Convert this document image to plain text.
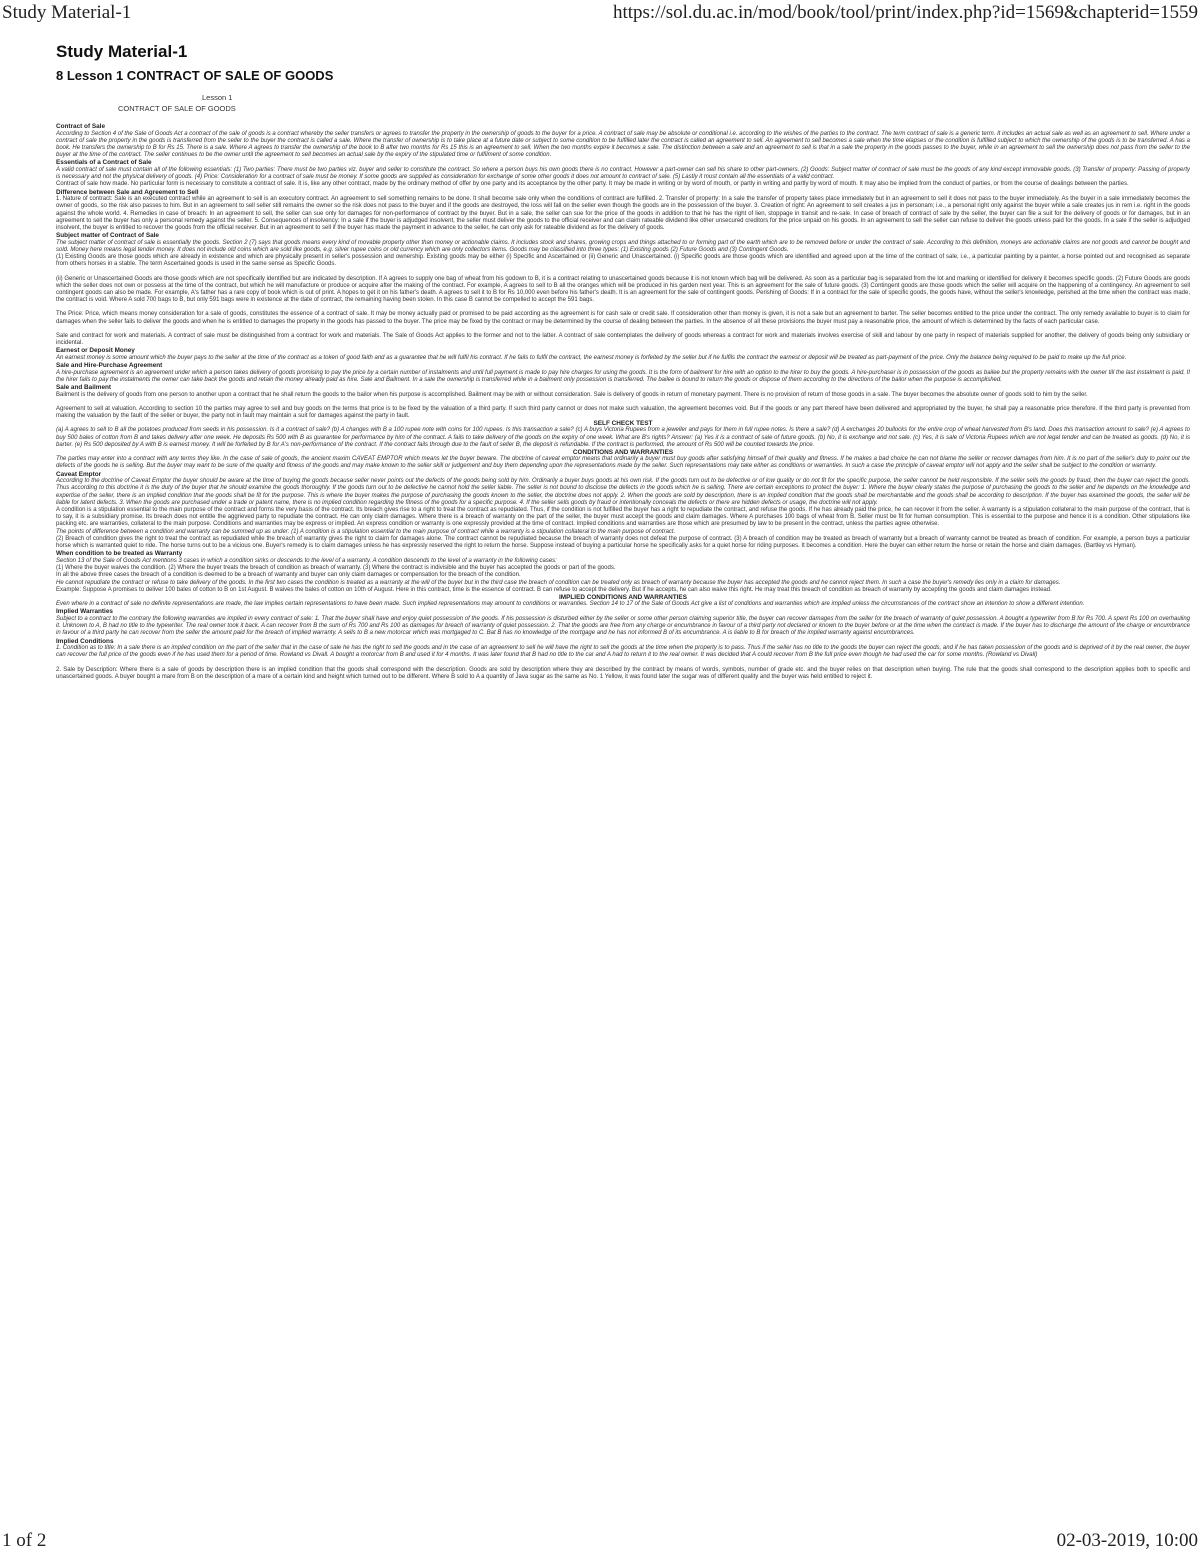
Study Material-1	https://sol.du.ac.in/mod/book/tool/print/index.php?id=1569&chapterid=1559
Study Material-1
8 Lesson 1 CONTRACT OF SALE OF GOODS
Lesson 1
CONTRACT OF SALE OF GOODS
Contract of Sale
According to Section 4 of the Sale of Goods Act a contract of the sale of goods is a contract whereby the seller transfers or agrees to transfer the property in the ownership of goods to the buyer for a price. A contract of sale may be absolute or conditional i.e. according to the wishes of the parties to the contract. The term contract of sale is a generic term. It includes an actual sale as well as an agreement to sell. Where under a contract of sale the property in the goods is transferred from the seller to the buyer the contract is called a sale. Where the transfer of ownership is to take place at a future date or subject to some condition to be fulfilled later the contract is called an agreement to sell. An agreement to sell becomes a sale when the time elapses or the condition is fulfilled subject to which the ownership of the goods is to be transferred. A has a book. He transfers the ownership to B for Rs 15. There is a sale. Where A agrees to transfer the ownership of the book to B after two months for Rs 15 this is an agreement to sell. When the two months expire it becomes a sale. The distinction between a sale and an agreement to sell is that in a sale the property in the goods passes to the buyer, while in an agreement to sell the ownership does not pass from the seller to the buyer at the time of the contract. The seller continues to be the owner until the agreement to sell becomes an actual sale by the expiry of the stipulated time or fulfilment of some condition.
Essentials of a Contract of Sale
A valid contract of sale must contain all of the following essentials: (1) Two parties: There must be two parties viz. buyer and seller to constitute the contract. So where a person buys his own goods there is no contract. However a part-owner can sell his share to other part-owners. (2) Goods: Subject matter of contract of sale must be the goods of any kind except immovable goods. (3) Transfer of property: Passing of property is necessary and not the physical delivery of goods. (4) Price: Consideration for a contract of sale must be money. If some goods are supplied as consideration for exchange of some other goods it does not amount to contract of sale. (5) Lastly it must contain all the essentials of a valid contract.
Contract of sale how made. No particular form is necessary to constitute a contract of sale. It is, like any other contract, made by the ordinary method of offer by one party and its acceptance by the other party. It may be made in writing or by word of mouth, or partly in writing and partly by word of mouth. It may also be implied from the conduct of parties, or from the course of dealings between the parties.
Difference between Sale and Agreement to Sell
1. Nature of contract: Sale is an executed contract while an agreement to sell is an executory contract. An agreement to sell something remains to be done. It shall become sale only when the conditions of contract are fulfilled. 2. Transfer of property: In a sale the transfer of property takes place immediately but in an agreement to sell it does not pass to the buyer immediately. As the buyer in a sale immediately becomes the owner of goods, so the risk also passes to him. But in an agreement to sell seller still remains the owner so the risk does not pass to the buyer and if the goods are destroyed, the loss will fall on the seller even though the goods are in the possession of the buyer. 3. Creation of right: An agreement to sell creates a jus in personam; i.e., a personal right only against the buyer while a sale creates jus in rem i.e. right in the goods against the whole world. 4. Remedies in case of breach: In an agreement to sell, the seller can sue only for damages for non-performance of contract by the buyer. But in a sale, the seller can sue for the price of the goods in addition to that he has the right of lien, stoppage in transit and re-sale. In case of breach of contract of sale by the seller, the buyer can file a suit for the delivery of goods or for damages, but in an agreement to sell the buyer has only a personal remedy against the seller. 5. Consequences of insolvency: In a sale if the buyer is adjudged insolvent, the seller must deliver the goods to the official receiver and can claim rateable dividend like other unsecured creditors for the price unpaid on his goods. In an agreement to sell the seller can refuse to deliver the goods unless paid for the goods. In a sale if the seller is adjudged insolvent, the buyer is entitled to recover the goods from the official receiver. But in an agreement to sell if the buyer has made the payment in advance to the seller, he can only ask for rateable dividend as for the delivery of goods.
Subject matter of Contract of Sale
The subject matter of contract of sale is essentially the goods. Section 2 (7) says that goods means every kind of movable property other than money or actionable claims. It includes stock and shares, growing crops and things attached to or forming part of the earth which are to be removed before or under the contract of sale. According to this definition, moneys are actionable claims are not goods and cannot be bought and sold. Money here means legal tender money. It does not include old coins which are sold like goods, e.g. silver rupee coins or old currency which are only collectors items. Goods may be classified into three types: (1) Existing goods (2) Future Goods and (3) Contingent Goods.
(1) Existing Goods are those goods which are already in existence and which are physically present in seller's possession and ownership. Existing goods may be either (i) Specific and Ascertained or (ii) Generic and Unascertained. (i) Specific goods are those goods which are identified and agreed upon at the time of the contract of sale, i.e., a particular painting by a painter, a horse pointed out and recognised as separate from others horses in a stable. The term Ascertained goods is used in the same sense as Specific Goods.
(ii) Generic or Unascertained Goods are those goods which are not specifically identified but are indicated by description. If A agrees to supply one bag of wheat from his godown to B, it is a contract relating to unascertained goods because it is not known which bag will be delivered. As soon as a particular bag is separated from the lot and marking or identified for delivery it becomes specific goods. (2) Future Goods are goods which the seller does not own or possess at the time of the contract, but which he will manufacture or produce or acquire after the making of the contract. For example, A agrees to sell to B all the oranges which will be produced in his garden next year. This is an agreement for the sale of future goods. (3) Contingent goods are those goods which the seller will acquire on the happening of a contingency. An agreement to sell contingent goods can also be made. For example, A's father has a rare copy of book which is out of print. A hopes to get it on his father's death. A agrees to sell it to B for Rs 10,000 even before his father's death. It is an agreement for the sale of contingent goods. Perishing of Goods: If in a contract for the sale of specific goods, the goods have, without the seller's knowledge, perished at the time when the contract was made, the contract is void. Where A sold 700 bags to B, but only 591 bags were in existence at the date of contract, the remaining having been stolen. In this case B cannot be compelled to accept the 591 bags.
The Price: Price, which means money consideration for a sale of goods, constitutes the essence of a contract of sale. It may be money actually paid or promised to be paid according as the agreement is for cash sale or credit sale. If consideration other than money is given, it is not a sale but an agreement to barter. The seller becomes entitled to the price under the contract. The only remedy available to buyer is to claim for damages when the seller fails to deliver the goods and when he is entitled to damages the property in the goods has passed to the buyer. The price may be fixed by the contract or may be determined by the course of dealing between the parties. In the absence of all these provisions the buyer must pay a reasonable price, the amount of which is determined by the facts of each particular case.
Sale and contract for work and materials. A contract of sale must be distinguished from a contract for work and materials. The Sale of Goods Act applies to the former and not to the latter. A contract of sale contemplates the delivery of goods whereas a contract for work and materials involves exercise of skill and labour by one party in respect of materials supplied for another, the delivery of goods being only subsidiary or incidental.
Earnest or Deposit Money
An earnest money is some amount which the buyer pays to the seller at the time of the contract as a token of good faith and as a guarantee that he will fulfil his contract. If he fails to fulfil the contract, the earnest money is forfeited by the seller but if he fulfils the contract the earnest or deposit will be treated as part-payment of the price. Only the balance being required to be paid to make up the full price.
Sale and Hire-Purchase Agreement
A hire-purchase agreement is an agreement under which a person takes delivery of goods promising to pay the price by a certain number of instalments and until full payment is made to pay hire charges for using the goods. It is the form of bailment for hire with an option to the hirer to buy the goods. A hire-purchaser is in possession of the goods as bailee but the property remains with the owner till the last instalment is paid. If the hirer fails to pay the instalments the owner can take back the goods and retain the money already paid as hire. Sale and Bailment. In a sale the ownership is transferred while in a bailment only possession is transferred. The bailee is bound to return the goods or dispose of them according to the directions of the bailor when the purpose is accomplished.
Sale and Bailment
Bailment is the delivery of goods from one person to another upon a contract that he shall return the goods to the bailor when his purpose is accomplished. Bailment may be with or without consideration. Sale is delivery of goods in return of monetary payment. There is no provision of return of those goods in a sale. The buyer becomes the absolute owner of goods sold to him by the seller.
Agreement to sell at valuation. According to section 10 the parties may agree to sell and buy goods on the terms that price is to be fixed by the valuation of a third party. If such third party cannot or does not make such valuation, the agreement becomes void. But if the goods or any part thereof have been delivered and appropriated by the buyer, he shall pay a reasonable price therefore. If the third party is prevented from making the valuation by the fault of the seller or buyer, the party not in fault may maintain a suit for damages against the party in fault.
SELF CHECK TEST
(a) A agrees to sell to B all the potatoes produced from seeds in his possession. Is it a contract of sale? (b) A changes with B a 100 rupee note with coins for 100 rupees. Is this transaction a sale? (c) A buys Victoria Rupees from a jeweller and pays for them in full rupee notes. Is there a sale? (d) A exchanges 20 bullocks for the entire crop of wheat harvested from B's land. Does this transaction amount to sale? (e) A agrees to buy 500 bales of cotton from B and takes delivery after one week. He deposits Rs 500 with B as guarantee for performance by him of the contract. A fails to take delivery of the goods on the expiry of one week. What are B's rights? Answer: (a) Yes it is a contract of sale of future goods. (b) No, it is exchange and not sale. (c) Yes, it is sale of Victoria Rupees which are not legal tender and can be treated as goods. (d) No, it is barter. (e) Rs 500 deposited by A with B is earnest money. It will be forfeited by B for A's non-performance of the contract. If the contract fails through due to the fault of seller B, the deposit is refundable. If the contract is performed, the amount of Rs 500 will be counted towards the price.
CONDITIONS AND WARRANTIES
The parties may enter into a contract with any terms they like. In the case of sale of goods, the ancient maxim CAVEAT EMPTOR which means let the buyer beware. The doctrine of caveat emptor means that ordinarily a buyer must buy goods after satisfying himself of their quality and fitness. If he makes a bad choice he can not blame the seller or recover damages from him. It is no part of the seller's duty to point out the defects of the goods he is selling. But the buyer may want to be sure of the quality and fitness of the goods and may make known to the seller skill or judgement and buy them depending upon the representations made by the seller. Such representations may take either as conditions or warranties. In such a case the principle of caveat emptor will not apply and the seller shall be subject to the condition or warranty.
Caveat Emptor
According to the doctrine of Caveat Emptor the buyer should be aware at the time of buying the goods because seller never points out the defects of the goods being sold by him. Ordinarily a buyer buys goods at his own risk. If the goods turn out to be defective or of low quality or do not fit for the specific purpose, the seller cannot be held responsible. If the seller sells the goods by fraud, then the buyer can reject the goods. Thus according to this doctrine it is the duty of the buyer that he should examine the goods thoroughly. If the goods turn out to be defective he cannot hold the seller liable. The seller is not bound to disclose the defects in the goods which he is selling. There are certain exceptions to protect the buyer: 1. Where the buyer clearly states the purpose of purchasing the goods to the seller and he depends on the knowledge and expertise of the seller, there is an implied condition that the goods shall be fit for the purpose. This is where the buyer makes the purpose of purchasing the goods known to the seller, the doctrine does not apply. 2. When the goods are sold by description, there is an implied condition that the goods shall be merchantable and the goods shall be according to description. If the buyer has examined the goods, the seller will be liable for latent defects. 3. When the goods are purchased under a trade or patent name, there is no implied condition regarding the fitness of the goods for a specific purpose. 4. If the seller sells goods by fraud or intentionally conceals the defects or there are hidden defects or usage, the doctrine will not apply.
A condition is a stipulation essential to the main purpose of the contract and forms the very basis of the contract. Its breach gives rise to a right to treat the contract as repudiated. Thus, if the condition is not fulfilled the buyer has a right to repudiate the contract, and refuse the goods. If he has already paid the price, he can recover it from the seller. A warranty is a stipulation collateral to the main purpose of the contract, that is to say, it is a subsidiary promise. Its breach does not entitle the aggrieved party to repudiate the contract. He can only claim damages. Where there is a breach of warranty on the part of the seller, the buyer must accept the goods and claim damages. Where A purchases 100 bags of wheat from B. Seller must be fit for human consumption. This is essential to the purpose and hence it is a condition. Other stipulations like packing etc. are warranties, collateral to the main purpose. Conditions and warranties may be express or implied. An express condition or warranty is one expressly provided at the time of contract. Implied conditions and warranties are those which are presumed by law to be present in the contract, unless the parties agree otherwise.
The points of difference between a condition and warranty can be summed up as under: (1) A condition is a stipulation essential to the main purpose of contract while a warranty is a stipulation collateral to the main purpose of contract.
(2) Breach of condition gives the right to treat the contract as repudiated while the breach of warranty gives the right to claim for damages alone. The contract cannot be repudiated because the breach of warranty does not defeat the purpose of contract. (3) A breach of condition may be treated as breach of warranty but a breach of warranty cannot be treated as breach of condition. For example, a person buys a particular horse which is warranted quiet to ride. The horse turns out to be a vicious one. Buyer's remedy is to claim damages unless he has expressly reserved the right to return the horse. Suppose instead of buying a particular horse he specifically asks for a quiet horse for riding purposes. It becomes a condition. Here the buyer can either return the horse or retain the horse and claim damages. (Bartley vs Hyman).
When condition to be treated as Warranty
Section 13 of the Sale of Goods Act mentions 3 cases in which a condition sinks or descends to the level of a warranty. A condition descends to the level of a warranty in the following cases:
(1) Where the buyer waives the condition. (2) Where the buyer treats the breach of condition as breach of warranty. (3) Where the contract is indivisible and the buyer has accepted the goods or part of the goods.
In all the above three cases the breach of a condition is deemed to be a breach of warranty and buyer can only claim damages or compensation for the breach of the condition.
He cannot repudiate the contract or refuse to take delivery of the goods. In the first two cases the condition is treated as a warranty at the will of the buyer but in the third case the breach of condition can be treated only as breach of warranty because the buyer has accepted the goods and he cannot reject them. In such a case the buyer's remedy lies only in a claim for damages.
Example: Suppose A promises to deliver 100 bales of cotton to B on 1st August. B waives the bales of cotton on 10th of August. Here in this contract, time is the essence of contract. B can refuse to accept the delivery. But if he accepts, he can also waive this right. He may treat this breach of condition as breach of warranty by accepting the goods and claim damages instead.
IMPLIED CONDITIONS AND WARRANTIES
Even where in a contract of sale no definite representations are made, the law implies certain representations to have been made. Such implied representations may amount to conditions or warranties. Section 14 to 17 of the Sale of Goods Act give a list of conditions and warranties which are implied unless the circumstances of the contract show an intention to show a different intention.
Implied Warranties
Subject to a contract to the contrary the following warranties are implied in every contract of sale: 1. That the buyer shall have and enjoy quiet possession of the goods. If his possession is disturbed either by the seller or some other person claiming superior title, the buyer can recover damages from the seller for the breach of warranty of quiet possession. A bought a typewriter from B for Rs 700. A spent Rs 100 on overhauling it. Unknown to A, B had no title to the typewriter. The real owner took it back. A can recover from B the sum of Rs 700 and Rs 100 as damages for breach of warranty of quiet possession. 2. That the goods are free from any charge or encumbrance in favour of a third party not declared or known to the buyer before or at the time when the contract is made. If the buyer has to discharge the amount of the charge or encumbrance in favour of a third party he can recover from the seller the amount paid for the breach of implied warranty. A sells to B a new motorcar which was mortgaged to C. Bat B has no knowledge of the mortgage and he has not informed B of its encumbrance. A is liable to B for breach of the implied warranty against encumbrances.
Implied Conditions
1. Condition as to title: In a sale there is an implied condition on the part of the seller that in the case of sale he has the right to sell the goods and in the case of an agreement to sell he will have the right to sell the goods at the time when the property is to pass. Thus if the seller has no title to the goods the buyer can reject the goods, and if he has taken possession of the goods and is deprived of it by the real owner, the buyer can recover the full price of the goods even if he has used them for a period of time. Rowland vs Divall. A bought a motorcar from B and used it for 4 months. It was later found that B had no title to the car and A had to return it to the real owner. It was decided that A could recover from B the full price even though he had used the car for some months. (Rowland vs Divall)
2. Sale by Description: Where there is a sale of goods by description there is an implied condition that the goods shall correspond with the description. Goods are sold by description where they are described by the contract by means of words, symbols, number of grade etc. and the buyer relies on that description when buying. The rule that the goods shall correspond to the description applies both to specific and unascertained goods. A buyer bought a mare from B on the description of a mare of a certain kind and height which turned out to be different. Where B sold to A a quantity of Java sugar as the same as No. 1 Yellow, it was found later the sugar was of different quality and the buyer was held entitled to reject it.
1 of 2	02-03-2019, 10:00
